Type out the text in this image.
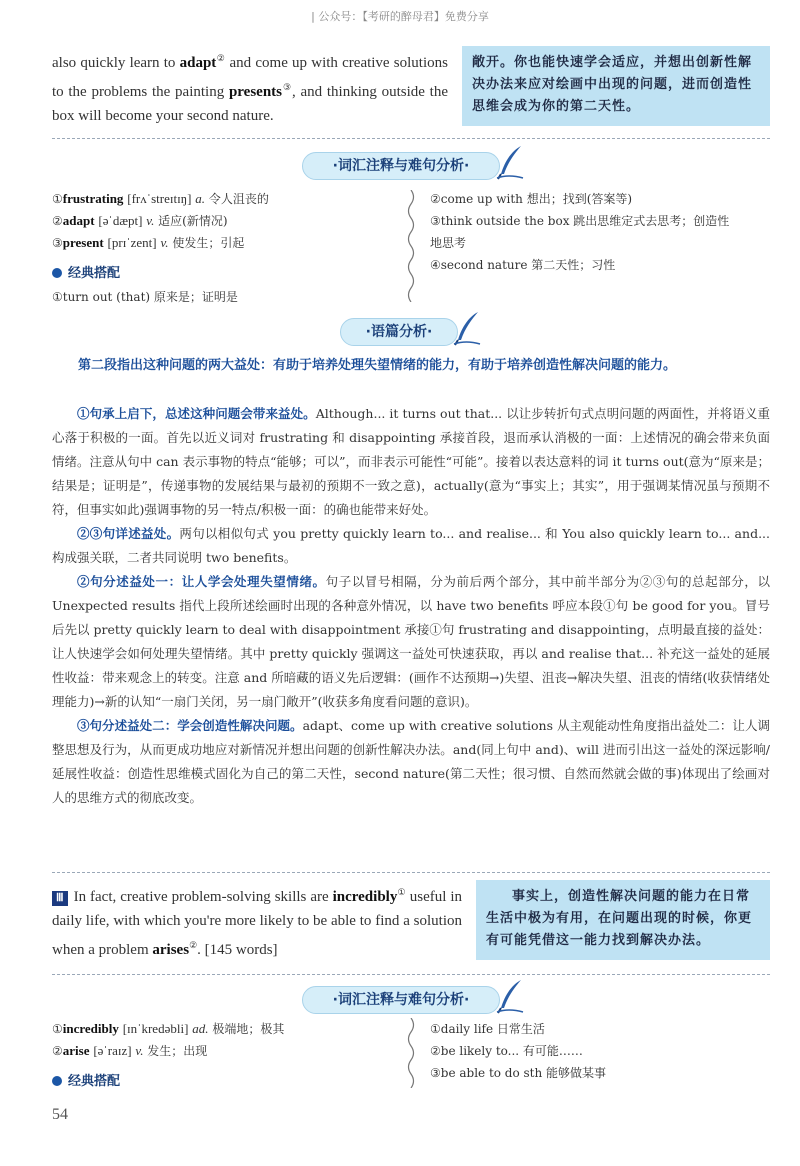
| 公众号：【考研的醉母君】免费分享
also quickly learn to adapt② and come up with creative solutions to the problems the painting presents③, and thinking outside the box will become your second nature.
敞开。你也能快速学会适应，并想出创新性解决办法来应对绘画中出现的问题，进而创造性思维会成为你的第二天性。
·词汇注释与难句分析·
①frustrating [frʌˈstreɪtɪŋ] a. 令人沮丧的
②adapt [əˈdæpt] v. 适应(新情况)
③present [prɪˈzent] v. 使发生；引起
②come up with 想出；找到(答案等)
③think outside the box 跳出思维定式去思考；创造性
地思考
④second nature 第二天性；习性
经典搭配
①turn out (that) 原来是；证明是
·语篇分析·
第二段指出这种问题的两大益处：有助于培养处理失望情绪的能力，有助于培养创造性解决问题的能力。

①句承上启下，总述这种问题会带来益处。Although... it turns out that... 以让步转折句式点明问题的两面性，并将语义重心落于积极的一面。首先以近义词对 frustrating 和 disappointing 承接首段，退而承认消极的一面：上述情况的确会带来负面情绪。注意从句中 can 表示事物的特点“能够；可以”，而非表示可能性“可能”。接着以表达意料的词 it turns out(意为“原来是；结果是；证明是”，传递事物的发展结果与最初的预期不一致之意)，actually(意为“事实上；其实”，用于强调某情况虽与预期不符，但事实如此)强调事物的另一特点/积极一面：的确也能带来好处。

②③句详述益处。两句以相似句式 you pretty quickly learn to... and realise... 和 You also quickly learn to... and... 构成强关联，二者共同说明 two benefits。

②句分述益处一：让人学会处理失望情绪。句子以冒号相隔，分为前后两个部分，其中前半部分为②③句的总起部分，以 Unexpected results 指代上段所述绘画时出现的各种意外情况，以 have two benefits 呼应本段①句 be good for you。冒号后先以 pretty quickly learn to deal with disappointment 承接①句 frustrating and disappointing，点明最直接的益处：让人快速学会如何处理失望情绪。其中 pretty quickly 强调这一益处可快速获取，再以 and realise that... 补充这一益处的延展性收益：带来观念上的转变。注意 and 所暗藏的语义先后逻辑：(画作不达预期→)失望、沮丧→解决失望、沮丧的情绪(收获情绪处理能力)→新的认知“一扇门关闭，另一扇门敞开”(收获多角度看问题的意识)。

③句分述益处二：学会创造性解决问题。adapt、come up with creative solutions 从主观能动性角度指出益处二：让人调整思想及行为，从而更成功地应对新情况并想出问题的创新性解决办法。and(同上句中 and)、will 进而引出这一益处的深远影响/延展性收益：创造性思维模式固化为自己的第二天性，second nature(第二天性；很习惯、自然而然就会做的事)体现出了绘画对人的思维方式的彻底改变。

Ⅲ In fact, creative problem-solving skills are incredibly① useful in daily life, with which you're more likely to be able to find a solution when a problem arises②. [145 words]
事实上，创造性解决问题的能力在日常生活中极为有用，在问题出现的时候，你更有可能凭借这一能力找到解决办法。
·词汇注释与难句分析·
①incredibly [ɪnˈkredəbli] ad. 极端地；极其
②arise [əˈraɪz] v. 发生；出现
①daily life 日常生活
②be likely to... 有可能……
③be able to do sth 能够做某事
经典搭配
54
